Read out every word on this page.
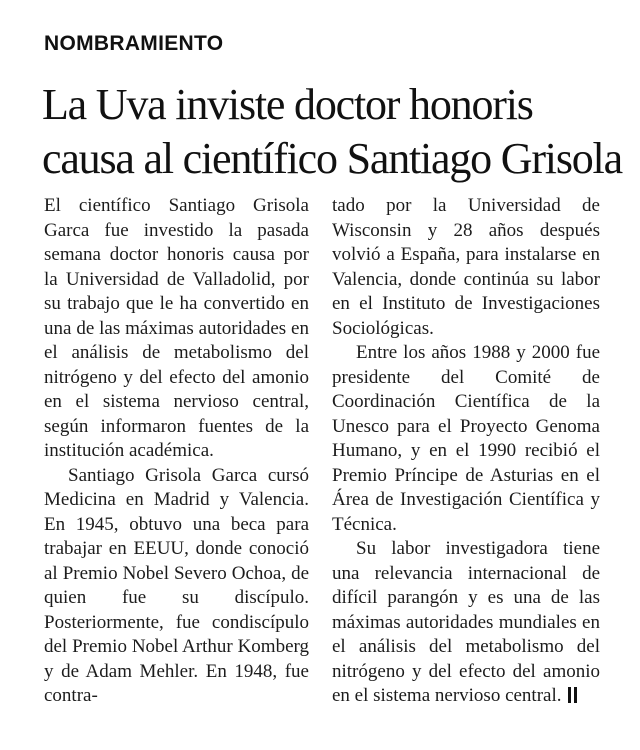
NOMBRAMIENTO
La Uva inviste doctor honoris
causa al científico Santiago Grisola

El científico Santiago Grisola Garca fue investido la pasada semana doctor honoris causa por la Universidad de Valladolid, por su trabajo que le ha convertido en una de las máximas autoridades en el análisis de metabolismo del nitrógeno y del efecto del amonio en el sistema nervioso central, según informaron fuentes de la institución académica.

Santiago Grisola Garca cursó Medicina en Madrid y Valencia. En 1945, obtuvo una beca para trabajar en EEUU, donde conoció al Premio Nobel Severo Ochoa, de quien fue su discípulo. Posteriormente, fue condiscípulo del Premio Nobel Arthur Komberg y de Adam Mehler. En 1948, fue contra-

tado por la Universidad de Wisconsin y 28 años después volvió a España, para instalarse en Valencia, donde continúa su labor en el Instituto de Investigaciones Sociológicas.

Entre los años 1988 y 2000 fue presidente del Comité de Coordinación Científica de la Unesco para el Proyecto Genoma Humano, y en el 1990 recibió el Premio Príncipe de Asturias en el Área de Investigación Científica y Técnica.

Su labor investigadora tiene una relevancia internacional de difícil parangón y es una de las máximas autoridades mundiales en el análisis del metabolismo del nitrógeno y del efecto del amonio en el sistema nervioso central.
